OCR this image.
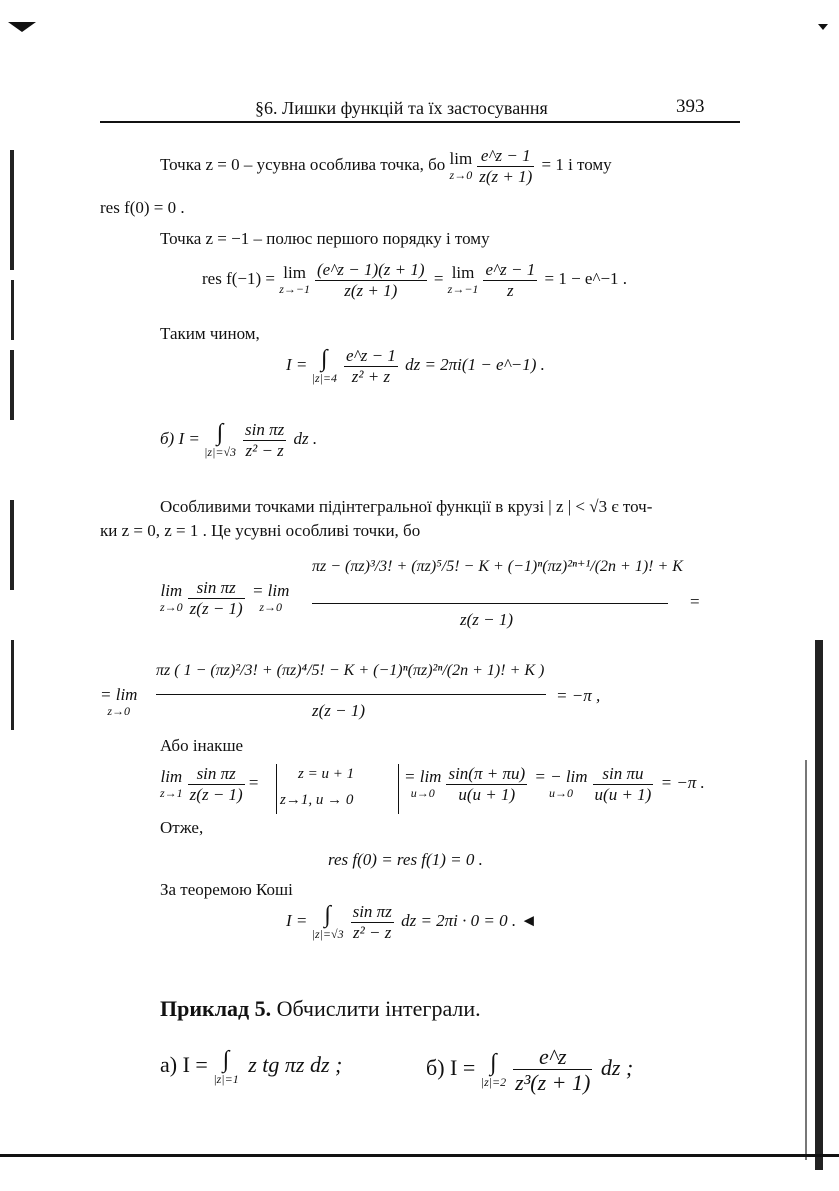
§6. Лишки функцій та їх застосування	393
Точка z = 0 – усувна особлива точка, бо lim
$z\to 0 \frac{e\^{}z - 1}{z(z + 1)} = 1$ і тому
res f(0) = 0 .
Точка z = −1 – полюс першого порядку і тому
res f(−1) = lim
$z\to-1 \frac{(e\^{}z - 1)(z + 1)}{z(z + 1)} = \lim$
$z\to-1 \frac{e\^{}z - 1}{z} = 1$ − e^−1 .
Таким чином,
I = ∫
$|z|=4 \frac{e\^{}z - 1}{\text{z² + z}}$ dz = 2πi(1 − e^−1) .
б) I = ∫
$|z|=√3 \frac{\text{sin πz}}{\text{z² − z}}$ dz .
Особливими точками підінтегральної функції в крузі | z | < √3 є точ-
ки z = 0, z = 1 . Це усувні особливі точки, бо
πz − (πz)³/3! + (πz)⁵/5! − K + (−1)ⁿ(πz)²ⁿ⁺¹/(2n + 1)! + K
lim
$z\to 0 \frac{\text{sin πz}}{z(z - 1)}$
= lim
z→0
z(z − 1)
=
πz ( 1 − (πz)²/3! + (πz)⁴/5! − K + (−1)ⁿ(πz)²ⁿ/(2n + 1)! + K )
= lim
z→0	z(z − 1)
= −π ,
Або інакше
lim
$z\to 1 \frac{\text{sin πz}}{z(z - 1)}$ =	z = u + 1
z→1, u → 0
= lim
$u\to 0 \frac{\sin(\pi + \pi u)}{u(u + 1)}$
= − lim
u→0	$\frac{\text{sin πu}}{u(u + 1)} = -\pi$ .
Отже,
res f(0) = res f(1) = 0 .
За теоремою Коші
I = ∫
$|z|=√3 \frac{\text{sin πz}}{\text{z² − z}}$ dz = 2πi · 0 = 0 . ◄
Приклад 5. Обчислити інтеграли.
а) I = ∫
|z|=1
z tg πz dz ;	б) I = ∫
$|z|=2 \frac{e\^{}z}{\text{z³(z + 1)}}$ dz ;
